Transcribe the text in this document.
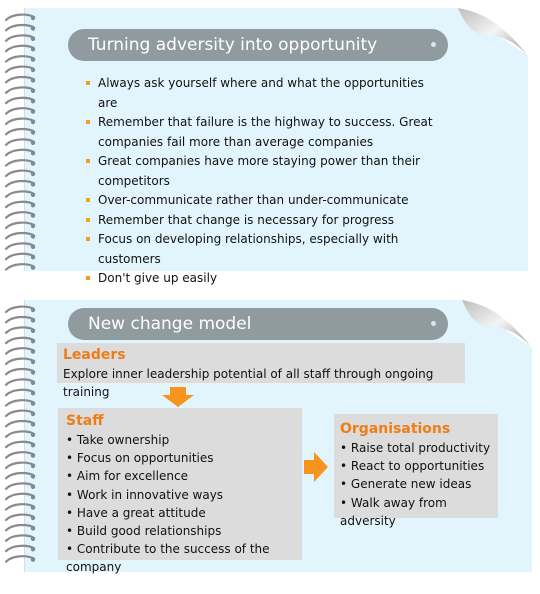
Turning adversity into opportunity
Always ask yourself where and what the opportunities are
Remember that failure is the highway to success. Great companies fail more than average companies
Great companies have more staying power than their competitors
Over-communicate rather than under-communicate
Remember that change is necessary for progress
Focus on developing relationships, especially with customers
Don't give up easily
New change model
Leaders
Explore inner leadership potential of all staff through ongoing training
Staff
• Take ownership
• Focus on opportunities
• Aim for excellence
• Work in innovative ways
• Have a great attitude
• Build good relationships
• Contribute to the success of the company
Organisations
• Raise total productivity
• React to opportunities
• Generate new ideas
• Walk away from adversity
